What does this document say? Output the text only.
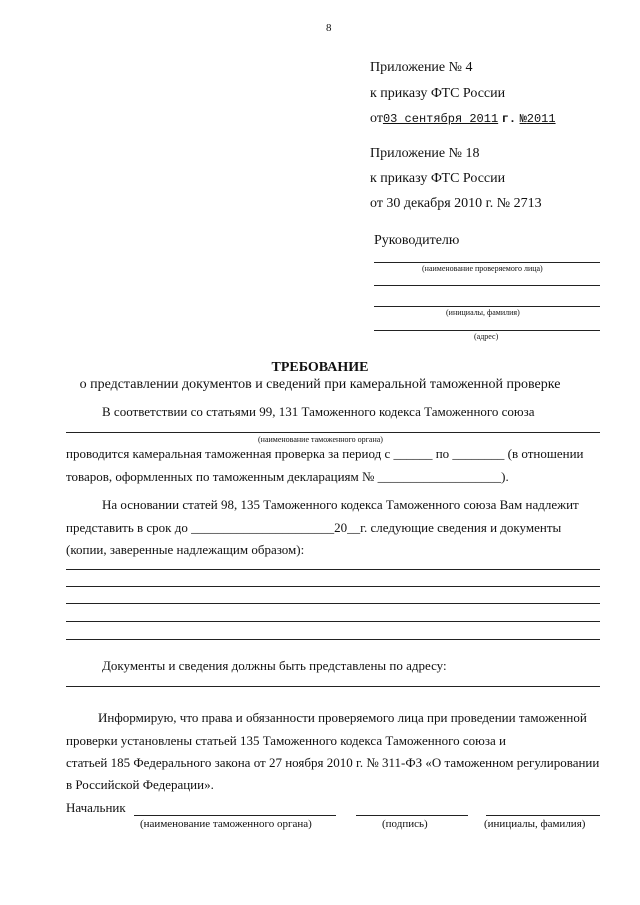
8
Приложение № 4
к приказу ФТС России
от03 сентября 2011 г. №2011
Приложение № 18
к приказу ФТС России
от 30 декабря 2010 г. № 2713
Руководителю
(наименование проверяемого лица)
(инициалы, фамилия)
(адрес)
ТРЕБОВАНИЕ
о представлении документов и сведений при камеральной таможенной проверке
В соответствии со статьями 99, 131 Таможенного кодекса Таможенного союза
(наименование таможенного органа)
проводится камеральная таможенная проверка за период с ______ по ________ (в отношении
товаров, оформленных по таможенным декларациям № ___________________).
На основании статей 98, 135 Таможенного кодекса Таможенного союза Вам надлежит
представить в срок до ______________________20__г. следующие сведения и документы
(копии, заверенные надлежащим образом):
Документы и сведения должны быть представлены по адресу:
Информирую, что права и обязанности проверяемого лица при проведении таможенной
проверки установлены статьей 135 Таможенного кодекса Таможенного союза и
статьей 185 Федерального закона от 27 ноября 2010 г. № 311-ФЗ «О таможенном регулировании
в Российской Федерации».
Начальник
(наименование таможенного органа)	(подпись)	(инициалы, фамилия)
